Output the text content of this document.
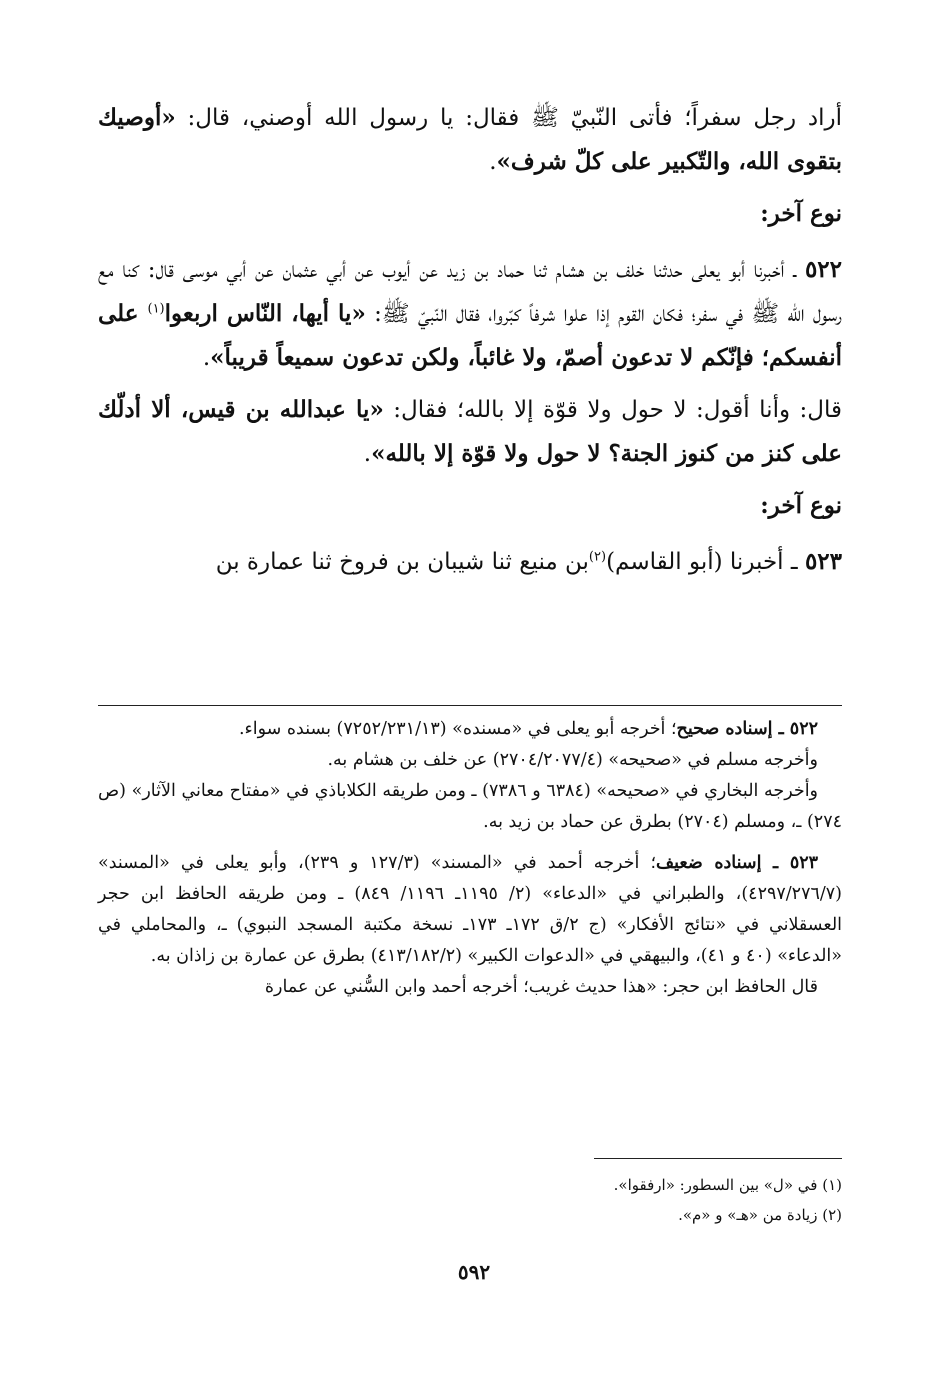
أراد رجل سفراً؛ فأتى النّبيّ ﷺ فقال: يا رسول الله أوصني، قال: «أوصيك بتقوى الله، والتّكبير على كلّ شرف».

نوع آخر:

٥٢٢ ـ أخبرنا أبو يعلى حدثنا خلف بن هشام ثنا حماد بن زيد عن أيوب عن أبي عثمان عن أبي موسى قال: كنا مع رسول الله ﷺ في سفر؛ فكان القوم إذا علوا شرفاً كبّروا، فقال النّبيّ ﷺ: «يا أيها، النّاس اربعوا$^{(١)}$ على أنفسكم؛ فإنّكم لا تدعون أصمّ، ولا غائباً، ولكن تدعون سميعاً قريباً».

قال: وأنا أقول: لا حول ولا قوّة إلا بالله؛ فقال: «يا عبدالله بن قيس، ألا أدلّك على كنز من كنوز الجنة؟ لا حول ولا قوّة إلا بالله».

نوع آخر:

٥٢٣ ـ أخبرنا (أبو القاسم)$^{(٢)}$بن منيع ثنا شيبان بن فروخ ثنا عمارة بن

٥٢٢ ـ إسناده صحيح؛ أخرجه أبو يعلى في «مسنده» (٧٢٥٢/٢٣١/١٣) بسنده سواء.

وأخرجه مسلم في «صحيحه» (٢٧٠٤/٢٠٧٧/٤) عن خلف بن هشام به.

وأخرجه البخاري في «صحيحه» (٦٣٨٤ و ٧٣٨٦) ـ ومن طريقه الكلاباذي في «مفتاح معاني الآثار» (ص ٢٧٤) ـ، ومسلم (٢٧٠٤) بطرق عن حماد بن زيد به.

٥٢٣ ـ إسناده ضعيف؛ أخرجه أحمد في «المسند» (١٢٧/٣ و ٢٣٩)، وأبو يعلى في «المسند» (٤٢٩٧/٢٧٦/٧)، والطبراني في «الدعاء» (٢/ ١١٩٥ـ ١١٩٦/ ٨٤٩) ـ ومن طريقه الحافظ ابن حجر العسقلاني في «نتائج الأفكار» (ج ٢/ق ١٧٢ـ ١٧٣ـ نسخة مكتبة المسجد النبوي) ـ، والمحاملي في «الدعاء» (٤٠ و ٤١)، والبيهقي في «الدعوات الكبير» (٤١٣/١٨٢/٢) بطرق عن عمارة بن زاذان به.

قال الحافظ ابن حجر: «هذا حديث غريب؛ أخرجه أحمد وابن السُّني عن عمارة

(١) في «ل» بين السطور: «ارفقوا».

(٢) زيادة من «هـ» و «م».

٥٩٢
